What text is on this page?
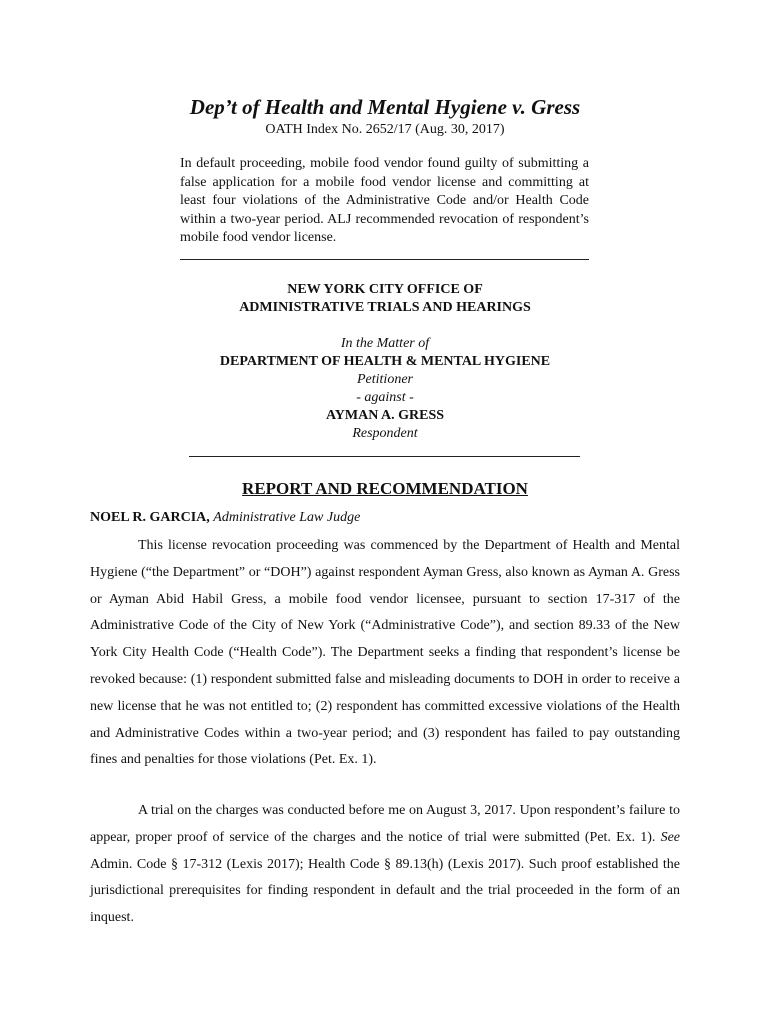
Dep’t of Health and Mental Hygiene v. Gress
OATH Index No. 2652/17 (Aug. 30, 2017)

In default proceeding, mobile food vendor found guilty of submitting a false application for a mobile food vendor license and committing at least four violations of the Administrative Code and/or Health Code within a two-year period. ALJ recommended revocation of respondent’s mobile food vendor license.

NEW YORK CITY OFFICE OF
ADMINISTRATIVE TRIALS AND HEARINGS
In the Matter of
DEPARTMENT OF HEALTH & MENTAL HYGIENE
Petitioner
- against -
AYMAN A. GRESS
Respondent
REPORT AND RECOMMENDATION
NOEL R. GARCIA, Administrative Law Judge

This license revocation proceeding was commenced by the Department of Health and Mental Hygiene (“the Department” or “DOH”) against respondent Ayman Gress, also known as Ayman A. Gress or Ayman Abid Habil Gress, a mobile food vendor licensee, pursuant to section 17-317 of the Administrative Code of the City of New York (“Administrative Code”), and section 89.33 of the New York City Health Code (“Health Code”). The Department seeks a finding that respondent’s license be revoked because: (1) respondent submitted false and misleading documents to DOH in order to receive a new license that he was not entitled to; (2) respondent has committed excessive violations of the Health and Administrative Codes within a two-year period; and (3) respondent has failed to pay outstanding fines and penalties for those violations (Pet. Ex. 1).

A trial on the charges was conducted before me on August 3, 2017. Upon respondent’s failure to appear, proper proof of service of the charges and the notice of trial were submitted (Pet. Ex. 1). See Admin. Code § 17-312 (Lexis 2017); Health Code § 89.13(h) (Lexis 2017). Such proof established the jurisdictional prerequisites for finding respondent in default and the trial proceeded in the form of an inquest.
